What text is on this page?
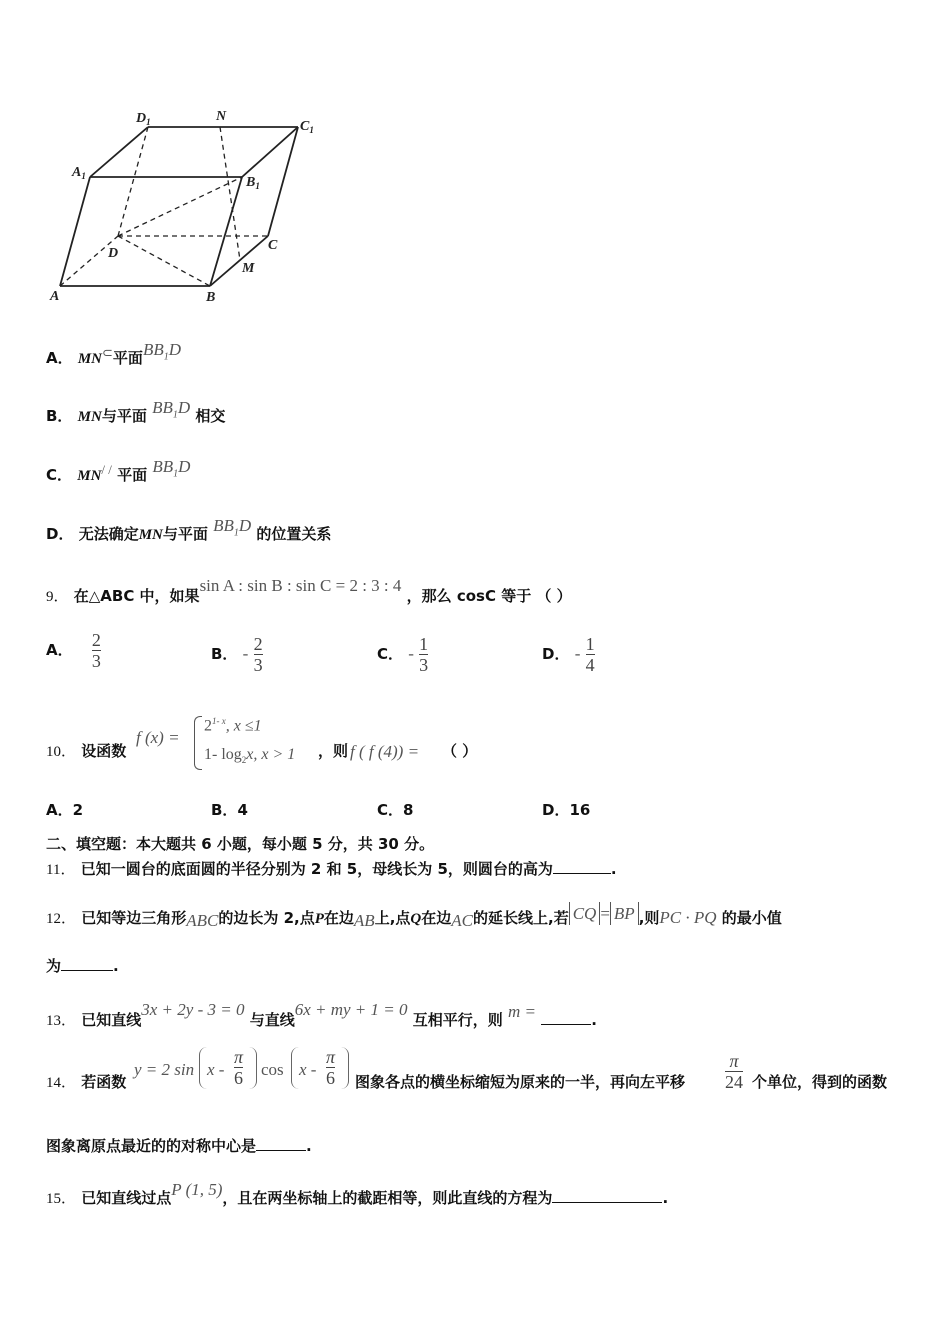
$D_1$	N
$C_1$
$A_1$	$B_1$
D
C
M
A	B
A． MN⊂平面$BB_1D$
B． MN与平面 $BB_1D$ 相交
C． MN/ / 平面 $BB_1D$
D． 无法确定MN与平面 $BB_1D$ 的位置关系
9． 在△ABC 中，如果sin A : sin B : sin C = 2 : 3 : 4 ，那么 cosC 等于 （ ）
A． $\frac{2}{3}$	B． - $\frac{2}{3}$	C． - $\frac{1}{3}$	D． - $\frac{1}{4}$
10． 设函数
f (x) =
$2^{1- x}$, x ≤1
1- $\log_2x$, x > 1 ，则 f ( f (4)) = （ ）
A．2	B．4	C．8	D．16
二、填空题：本大题共 6 小题，每小题 5 分，共 30 分。
11． 已知一圆台的底面圆的半径分别为 2 和 5，母线长为 5，则圆台的高为	.
12． 已知等边三角形ABC的边长为 2,点P在边AB上,点Q在边AC的延长线上,若 CQ = BP ,则PC · PQ 的最小值
为	.
13． 已知直线3x + 2y - 3 = 0 与直线6x + my + 1 = 0 互相平行，则 m =	.
14． 若函数
y = 2 sin x -
π
6 cos x -
π
6 图象各点的横坐标缩短为原来的一半，再向左平移
π
24 个单位，得到的函数
图象离原点最近的的对称中心是	.
15． 已知直线过点P (1, 5)，且在两坐标轴上的截距相等，则此直线的方程为	.
